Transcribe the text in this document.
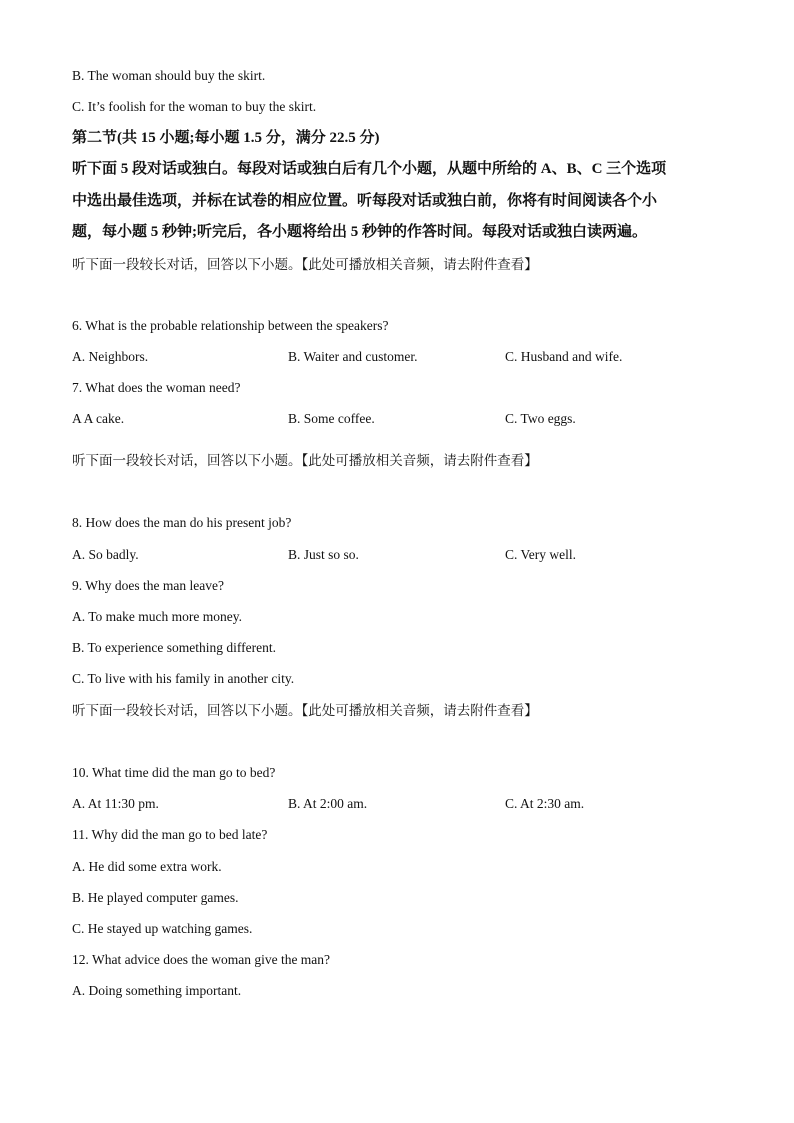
B. The woman should buy the skirt.
C. It’s foolish for the woman to buy the skirt.
第二节(共 15 小题;每小题 1.5 分，满分 22.5 分)
听下面 5 段对话或独白。每段对话或独白后有几个小题，从题中所给的 A、B、C 三个选项
中选出最佳选项，并标在试卷的相应位置。听每段对话或独白前，你将有时间阅读各个小
题，每小题 5 秒钟;听完后，各小题将给出 5 秒钟的作答时间。每段对话或独白读两遍。
听下面一段较长对话，回答以下小题。【此处可播放相关音频，请去附件查看】
6. What is the probable relationship between the speakers?
A. Neighbors.	B. Waiter and customer.	C. Husband and wife.
7. What does the woman need?
A A cake.	B. Some coffee.	C. Two eggs.
听下面一段较长对话，回答以下小题。【此处可播放相关音频，请去附件查看】
8. How does the man do his present job?
A. So badly.	B. Just so so.	C. Very well.
9. Why does the man leave?
A. To make much more money.
B. To experience something different.
C. To live with his family in another city.
听下面一段较长对话，回答以下小题。【此处可播放相关音频，请去附件查看】
10. What time did the man go to bed?
A. At 11:30 pm.	B. At 2:00 am.	C. At 2:30 am.
11. Why did the man go to bed late?
A. He did some extra work.
B. He played computer games.
C. He stayed up watching games.
12. What advice does the woman give the man?
A. Doing something important.
